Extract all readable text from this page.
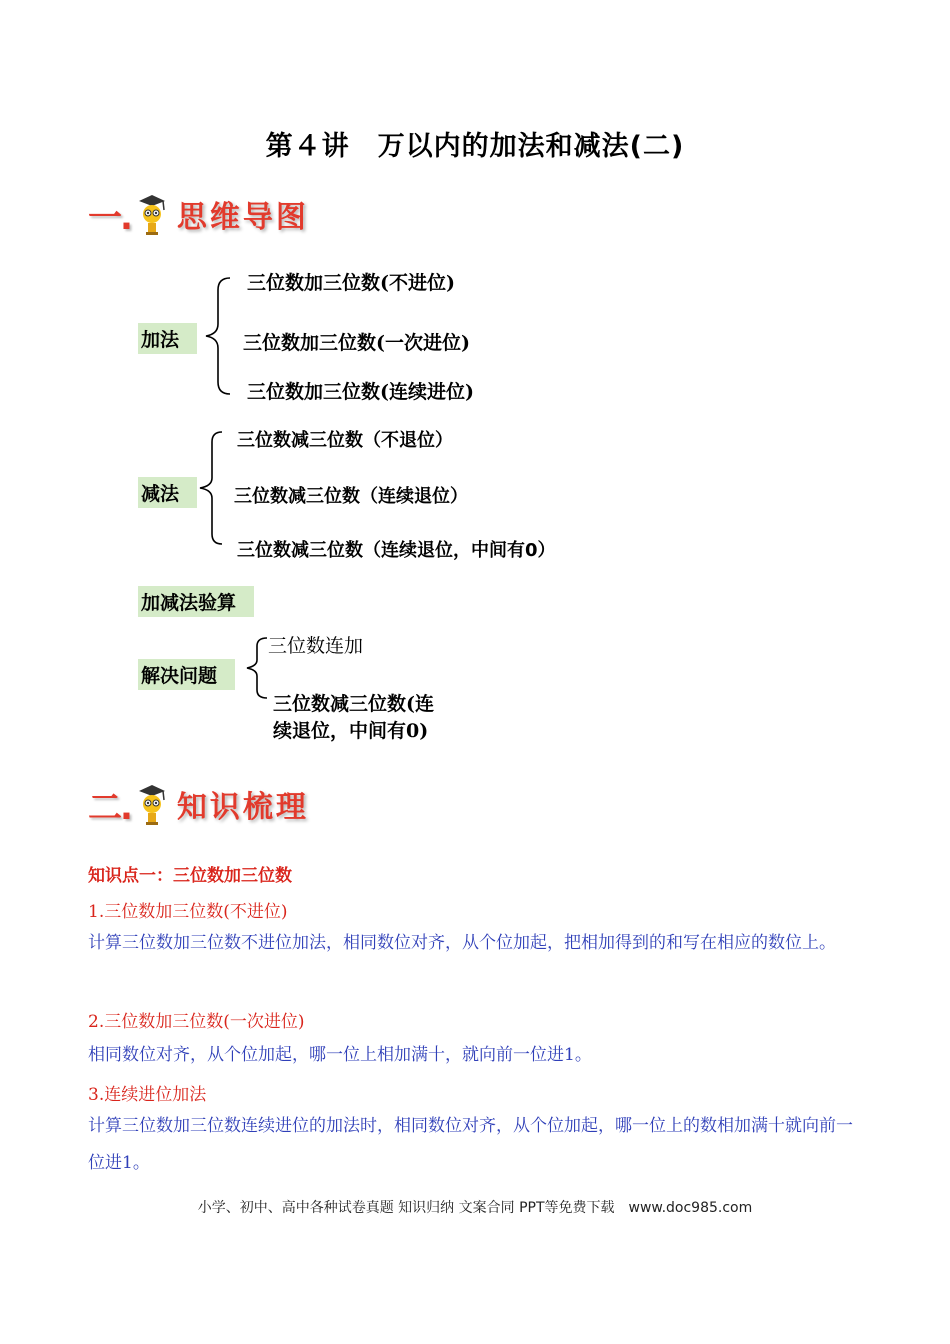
第４讲　万以内的加法和减法(二)
一. 思维导图
加法
三位数加三位数(不进位)
三位数加三位数(一次进位)
三位数加三位数(连续进位)
减法
三位数减三位数（不退位）
三位数减三位数（连续退位）
三位数减三位数（连续退位，中间有0）
加减法验算
解决问题
三位数连加
三位数减三位数(连
续退位，中间有0)
二. 知识梳理
知识点一：三位数加三位数
1.三位数加三位数(不进位)
计算三位数加三位数不进位加法，相同数位对齐，从个位加起，把相加得到的和写在相应的数位上。
2.三位数加三位数(一次进位)
相同数位对齐，从个位加起，哪一位上相加满十，就向前一位进1。
3.连续进位加法
计算三位数加三位数连续进位的加法时，相同数位对齐，从个位加起，哪一位上的数相加满十就向前一位进1。
小学、初中、高中各种试卷真题 知识归纳 文案合同 PPT等免费下载　www.doc985.com
